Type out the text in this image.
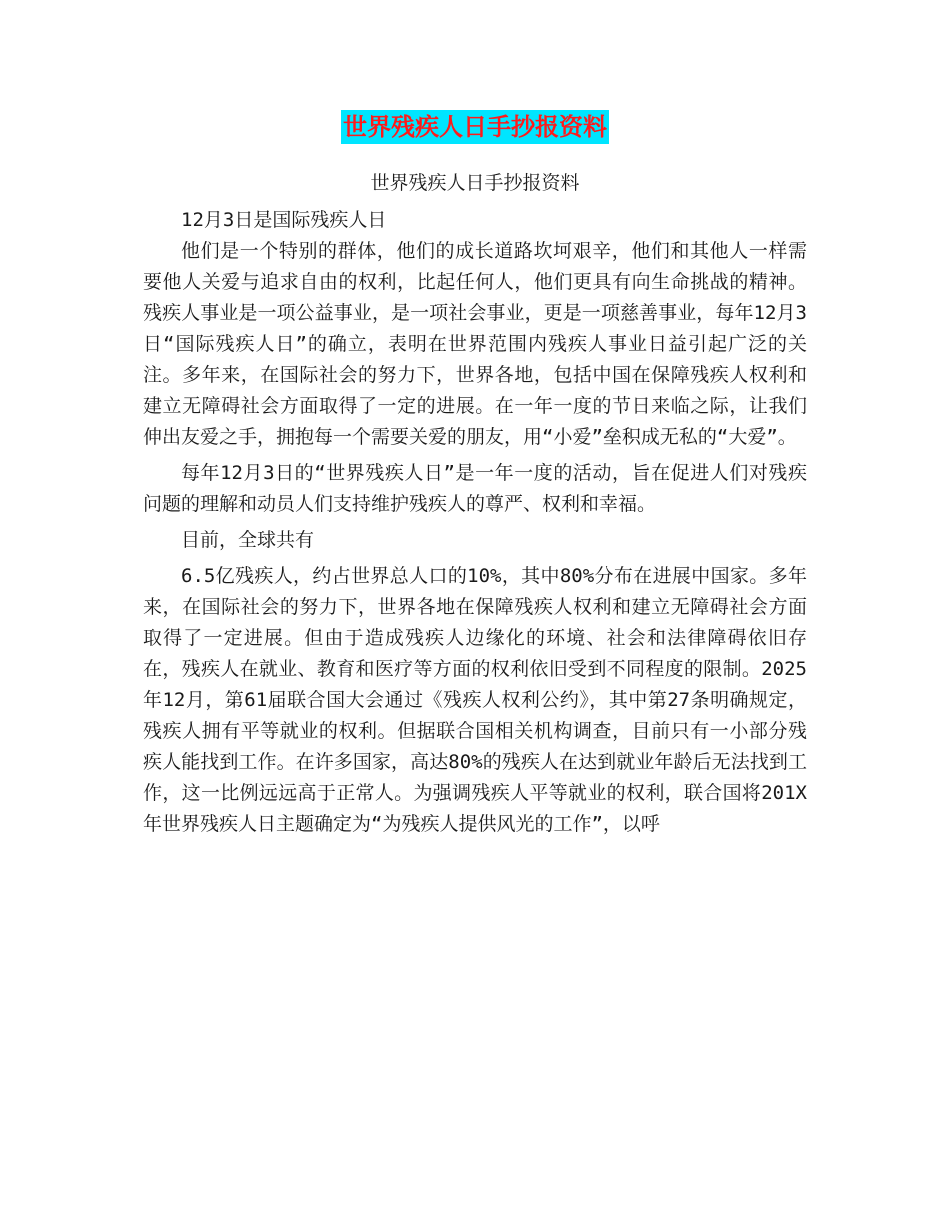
世界残疾人日手抄报资料

世界残疾人日手抄报资料

12月3日是国际残疾人日

他们是一个特别的群体，他们的成长道路坎坷艰辛，他们和其他人一样需要他人关爱与追求自由的权利，比起任何人，他们更具有向生命挑战的精神。残疾人事业是一项公益事业，是一项社会事业，更是一项慈善事业，每年12月3日“国际残疾人日”的确立，表明在世界范围内残疾人事业日益引起广泛的关注。多年来，在国际社会的努力下，世界各地，包括中国在保障残疾人权利和建立无障碍社会方面取得了一定的进展。在一年一度的节日来临之际，让我们伸出友爱之手，拥抱每一个需要关爱的朋友，用“小爱”垒积成无私的“大爱”。

每年12月3日的“世界残疾人日”是一年一度的活动，旨在促进人们对残疾问题的理解和动员人们支持维护残疾人的尊严、权利和幸福。

目前，全球共有

6.5亿残疾人，约占世界总人口的10%，其中80%分布在进展中国家。多年来，在国际社会的努力下，世界各地在保障残疾人权利和建立无障碍社会方面取得了一定进展。但由于造成残疾人边缘化的环境、社会和法律障碍依旧存在，残疾人在就业、教育和医疗等方面的权利依旧受到不同程度的限制。2025年12月，第61届联合国大会通过《残疾人权利公约》，其中第27条明确规定，残疾人拥有平等就业的权利。但据联合国相关机构调查，目前只有一小部分残疾人能找到工作。在许多国家，高达80%的残疾人在达到就业年龄后无法找到工作，这一比例远远高于正常人。为强调残疾人平等就业的权利，联合国将201X年世界残疾人日主题确定为“为残疾人提供风光的工作”，以呼
